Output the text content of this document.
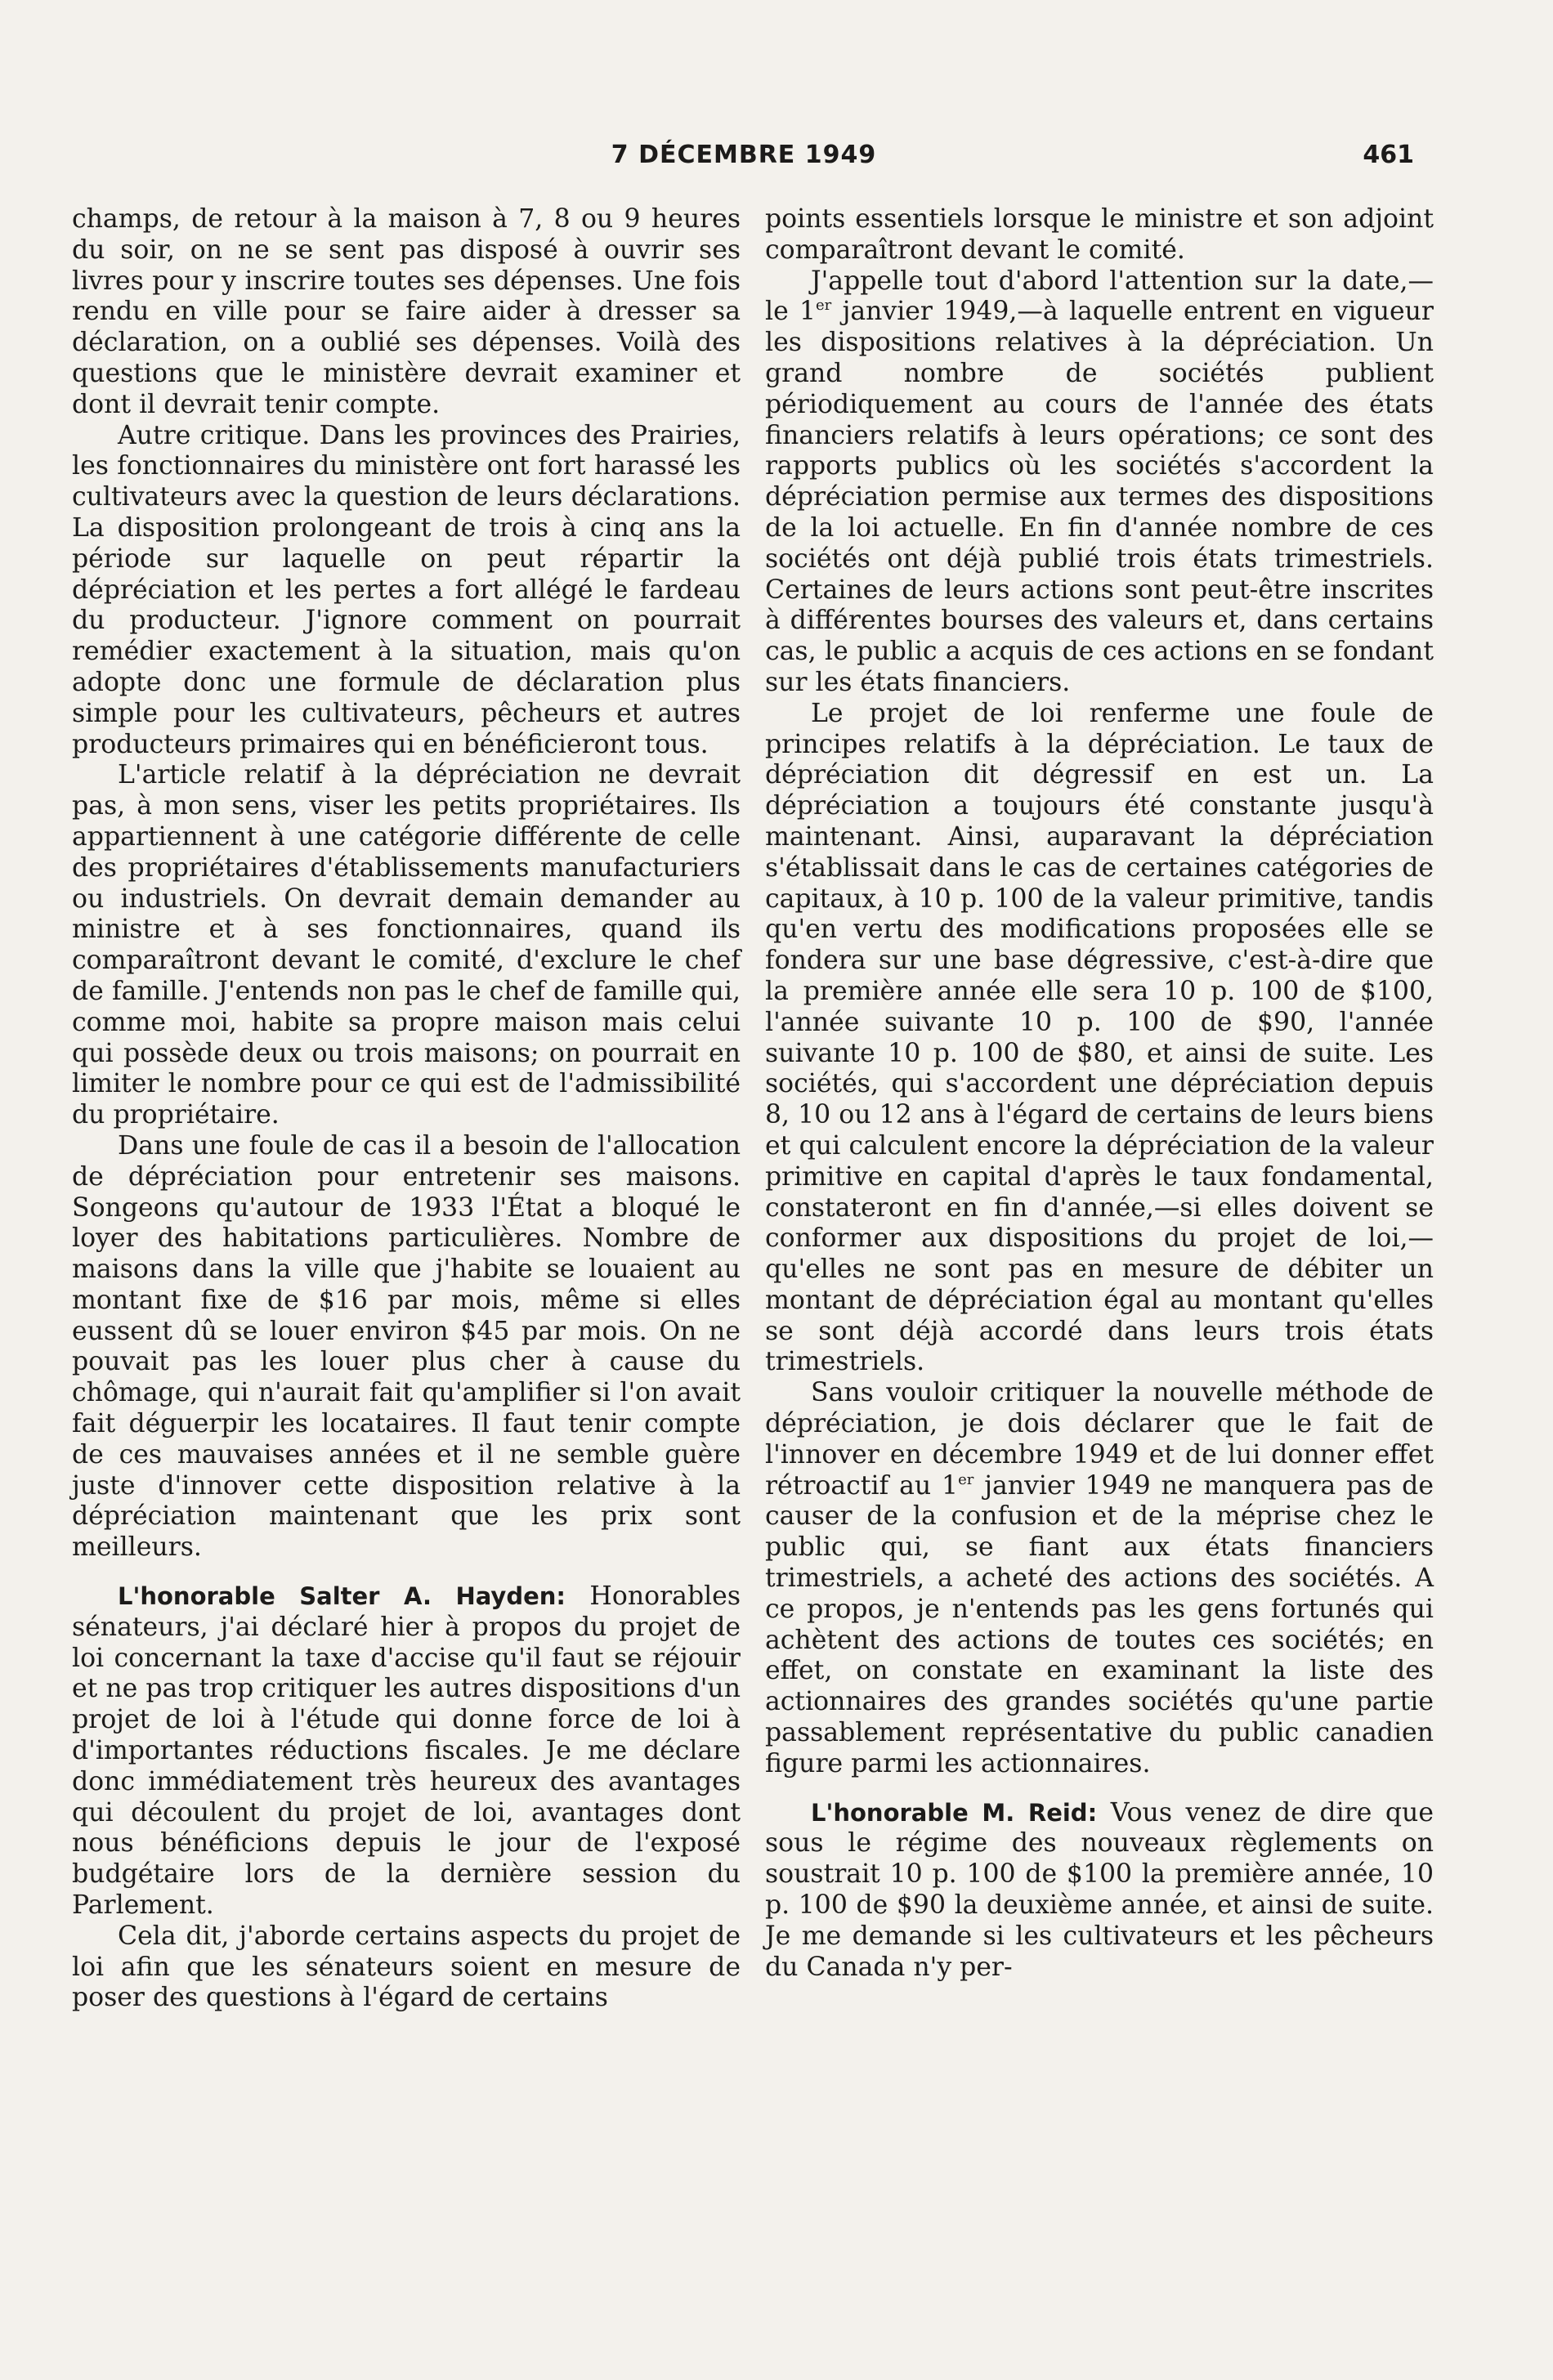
7 DÉCEMBRE 1949	461

champs, de retour à la maison à 7, 8 ou 9 heures du soir, on ne se sent pas disposé à ouvrir ses livres pour y inscrire toutes ses dépenses. Une fois rendu en ville pour se faire aider à dresser sa déclaration, on a oublié ses dépenses. Voilà des questions que le ministère devrait examiner et dont il devrait tenir compte.

Autre critique. Dans les provinces des Prairies, les fonctionnaires du ministère ont fort harassé les cultivateurs avec la question de leurs déclarations. La disposition prolongeant de trois à cinq ans la période sur laquelle on peut répartir la dépréciation et les pertes a fort allégé le fardeau du producteur. J'ignore comment on pourrait remédier exactement à la situation, mais qu'on adopte donc une formule de déclaration plus simple pour les cultivateurs, pêcheurs et autres producteurs primaires qui en bénéficieront tous.

L'article relatif à la dépréciation ne devrait pas, à mon sens, viser les petits propriétaires. Ils appartiennent à une catégorie différente de celle des propriétaires d'établissements manufacturiers ou industriels. On devrait demain demander au ministre et à ses fonctionnaires, quand ils comparaîtront devant le comité, d'exclure le chef de famille. J'entends non pas le chef de famille qui, comme moi, habite sa propre maison mais celui qui possède deux ou trois maisons; on pourrait en limiter le nombre pour ce qui est de l'admissibilité du propriétaire.

Dans une foule de cas il a besoin de l'allocation de dépréciation pour entretenir ses maisons. Songeons qu'autour de 1933 l'État a bloqué le loyer des habitations particulières. Nombre de maisons dans la ville que j'habite se louaient au montant fixe de $16 par mois, même si elles eussent dû se louer environ $45 par mois. On ne pouvait pas les louer plus cher à cause du chômage, qui n'aurait fait qu'amplifier si l'on avait fait déguerpir les locataires. Il faut tenir compte de ces mauvaises années et il ne semble guère juste d'innover cette disposition relative à la dépréciation maintenant que les prix sont meilleurs.

L'honorable Salter A. Hayden: Honorables sénateurs, j'ai déclaré hier à propos du projet de loi concernant la taxe d'accise qu'il faut se réjouir et ne pas trop critiquer les autres dispositions d'un projet de loi à l'étude qui donne force de loi à d'importantes réductions fiscales. Je me déclare donc immédiatement très heureux des avantages qui découlent du projet de loi, avantages dont nous bénéficions depuis le jour de l'exposé budgétaire lors de la dernière session du Parlement.

Cela dit, j'aborde certains aspects du projet de loi afin que les sénateurs soient en mesure de poser des questions à l'égard de certains

points essentiels lorsque le ministre et son adjoint comparaîtront devant le comité.

J'appelle tout d'abord l'attention sur la date,—le 1er janvier 1949,—à laquelle entrent en vigueur les dispositions relatives à la dépréciation. Un grand nombre de sociétés publient périodiquement au cours de l'année des états financiers relatifs à leurs opérations; ce sont des rapports publics où les sociétés s'accordent la dépréciation permise aux termes des dispositions de la loi actuelle. En fin d'année nombre de ces sociétés ont déjà publié trois états trimestriels. Certaines de leurs actions sont peut-être inscrites à différentes bourses des valeurs et, dans certains cas, le public a acquis de ces actions en se fondant sur les états financiers.

Le projet de loi renferme une foule de principes relatifs à la dépréciation. Le taux de dépréciation dit dégressif en est un. La dépréciation a toujours été constante jusqu'à maintenant. Ainsi, auparavant la dépréciation s'établissait dans le cas de certaines catégories de capitaux, à 10 p. 100 de la valeur primitive, tandis qu'en vertu des modifications proposées elle se fondera sur une base dégressive, c'est-à-dire que la première année elle sera 10 p. 100 de $100, l'année suivante 10 p. 100 de $90, l'année suivante 10 p. 100 de $80, et ainsi de suite. Les sociétés, qui s'accordent une dépréciation depuis 8, 10 ou 12 ans à l'égard de certains de leurs biens et qui calculent encore la dépréciation de la valeur primitive en capital d'après le taux fondamental, constateront en fin d'année,—si elles doivent se conformer aux dispositions du projet de loi,—qu'elles ne sont pas en mesure de débiter un montant de dépréciation égal au montant qu'elles se sont déjà accordé dans leurs trois états trimestriels.

Sans vouloir critiquer la nouvelle méthode de dépréciation, je dois déclarer que le fait de l'innover en décembre 1949 et de lui donner effet rétroactif au 1er janvier 1949 ne manquera pas de causer de la confusion et de la méprise chez le public qui, se fiant aux états financiers trimestriels, a acheté des actions des sociétés. A ce propos, je n'entends pas les gens fortunés qui achètent des actions de toutes ces sociétés; en effet, on constate en examinant la liste des actionnaires des grandes sociétés qu'une partie passablement représentative du public canadien figure parmi les actionnaires.

L'honorable M. Reid: Vous venez de dire que sous le régime des nouveaux règlements on soustrait 10 p. 100 de $100 la première année, 10 p. 100 de $90 la deuxième année, et ainsi de suite. Je me demande si les cultivateurs et les pêcheurs du Canada n'y per-
